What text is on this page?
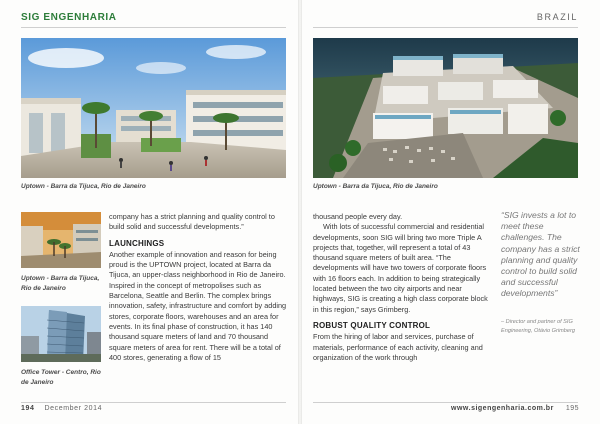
SIG ENGENHARIA	BRAZIL
Uptown - Barra da Tijuca, Rio de Janeiro	Uptown - Barra da Tijuca, Rio de Janeiro
Uptown - Barra da Tijuca, Rio de Janeiro
Office Tower - Centro, Rio de Janeiro

company has a strict planning and quality control to build solid and successful developments.”

LAUNCHINGS

Another example of innovation and reason for being proud is the UPTOWN project, located at Barra da Tijuca, an upper-class neighborhood in Rio de Janeiro. Inspired in the concept of metropolises such as Barcelona, Seattle and Berlin. The complex brings innovation, safety, infrastructure and comfort by adding stores, corporate floors, warehouses and an area for events. In its final phase of construction, it has 140 thousand square meters of land and 70 thousand square meters of area for rent. There will be a total of 400 stores, generating a flow of 15

thousand people every day.

With lots of successful commercial and residential developments, soon SIG will bring two more Triple A projects that, together, will represent a total of 43 thousand square meters of built area. “The developments will have two towers of corporate floors with 16 floors each. In addition to being strategically located between the two city airports and near highways, SIG is creating a high class corporate block in this region,” says Grimberg.

ROBUST QUALITY CONTROL

From the hiring of labor and services, purchase of materials, performance of each activity, cleaning and organization of the work through

“SIG invests a lot to meet these challenges. The company has a strict planning and quality control to build solid and successful developments”
– Director and partner of SIG Engineering, Otávio Grimberg
194 December 2014	www.sigengenharia.com.br 195
